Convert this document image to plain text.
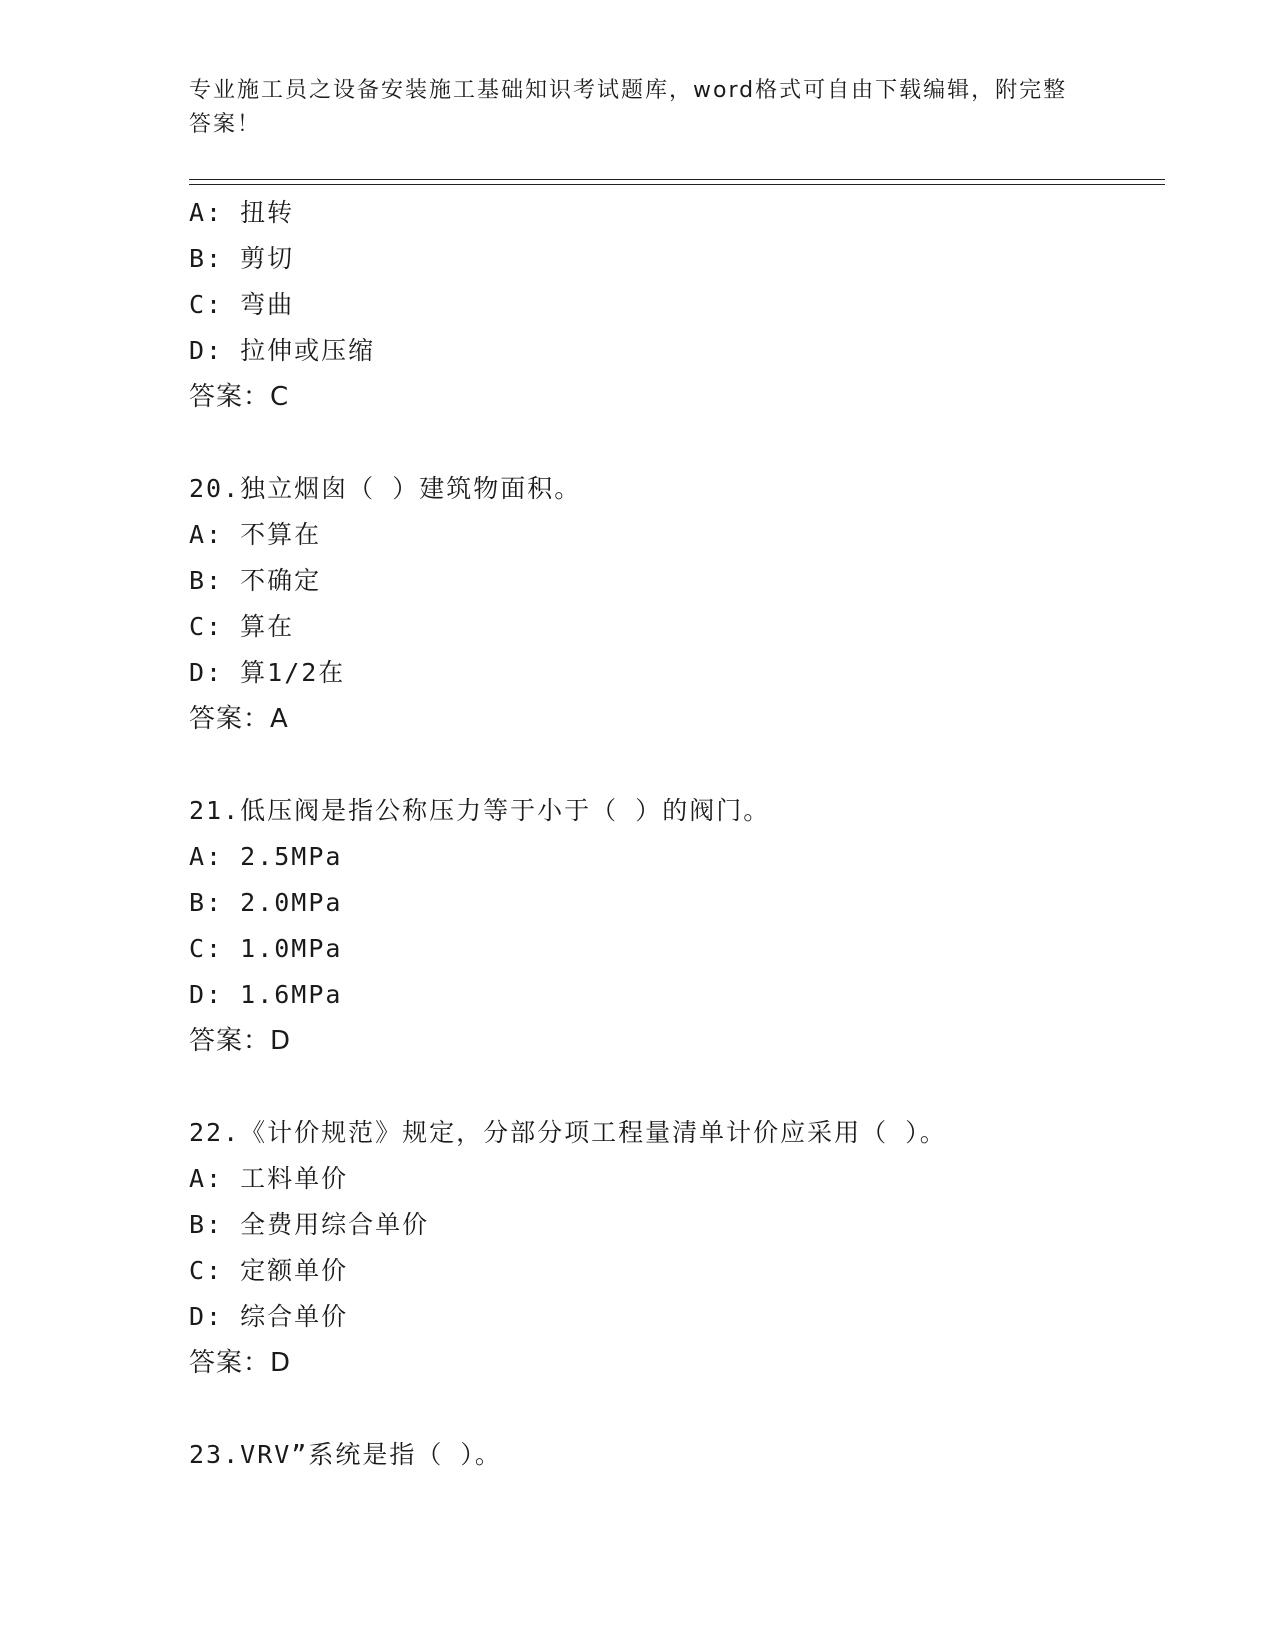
专业施工员之设备安装施工基础知识考试题库，word格式可自由下载编辑，附完整答案！
A: 扭转
B: 剪切
C: 弯曲
D: 拉伸或压缩
答案：C
20.独立烟囱（ ）建筑物面积。
A: 不算在
B: 不确定
C: 算在
D: 算1/2在
答案：A
21.低压阀是指公称压力等于小于（ ）的阀门。
A: 2.5MPa
B: 2.0MPa
C: 1.0MPa
D: 1.6MPa
答案：D
22.《计价规范》规定，分部分项工程量清单计价应采用（ ）。
A: 工料单价
B: 全费用综合单价
C: 定额单价
D: 综合单价
答案：D
23.VRV”系统是指（ ）。
